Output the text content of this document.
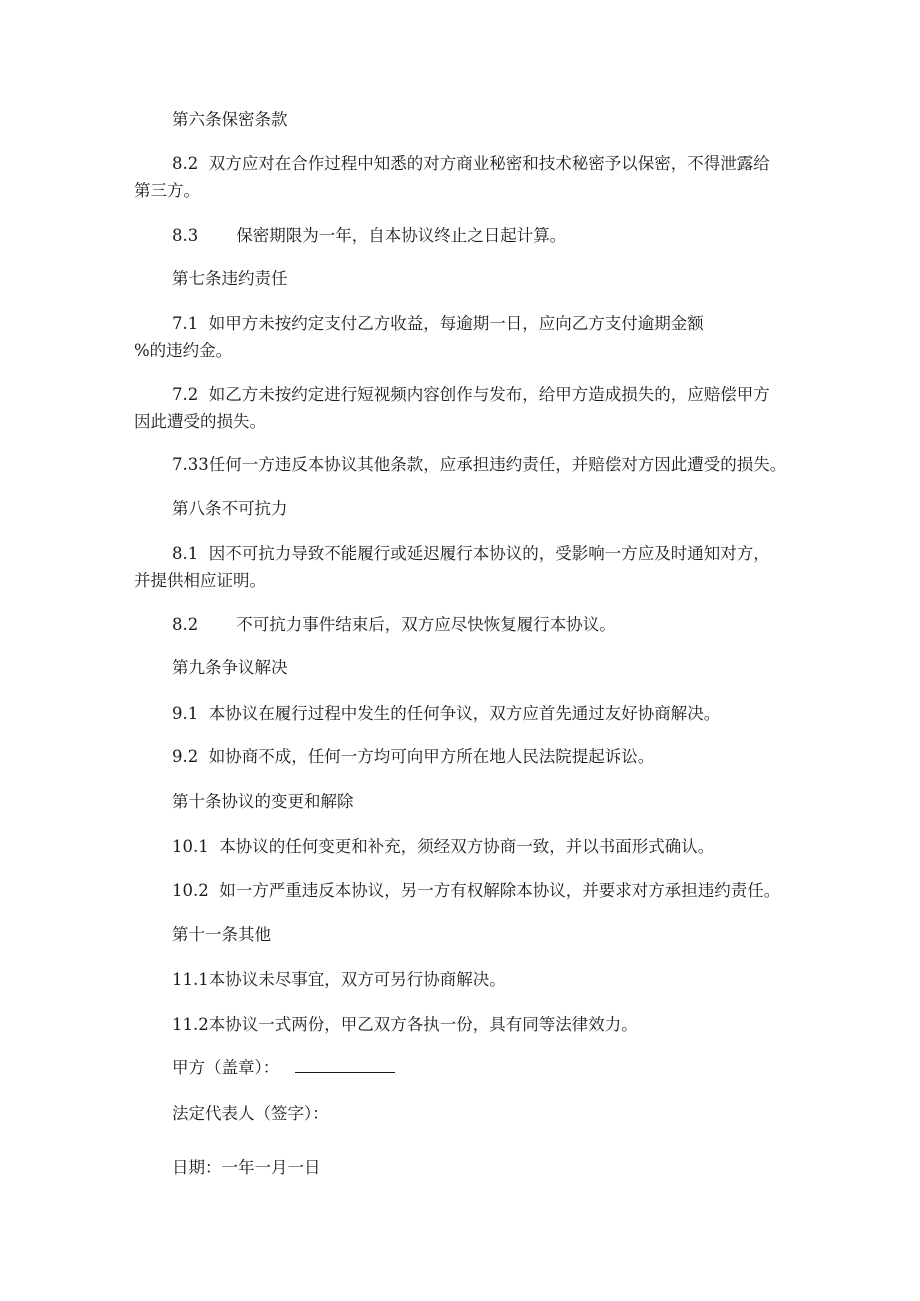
第六条保密条款
8.2 双方应对在合作过程中知悉的对方商业秘密和技术秘密予以保密，不得泄露给
第三方。
8.3 保密期限为一年，自本协议终止之日起计算。
第七条违约责任
7.1 如甲方未按约定支付乙方收益，每逾期一日，应向乙方支付逾期金额
%的违约金。
7.2 如乙方未按约定进行短视频内容创作与发布，给甲方造成损失的，应赔偿甲方
因此遭受的损失。
7.33任何一方违反本协议其他条款，应承担违约责任，并赔偿对方因此遭受的损失。
第八条不可抗力
8.1 因不可抗力导致不能履行或延迟履行本协议的，受影响一方应及时通知对方，
并提供相应证明。
8.2 不可抗力事件结束后，双方应尽快恢复履行本协议。
第九条争议解决
9.1 本协议在履行过程中发生的任何争议，双方应首先通过友好协商解决。
9.2 如协商不成，任何一方均可向甲方所在地人民法院提起诉讼。
第十条协议的变更和解除
10.1 本协议的任何变更和补充，须经双方协商一致，并以书面形式确认。
10.2 如一方严重违反本协议，另一方有权解除本协议，并要求对方承担违约责任。
第十一条其他
11.1本协议未尽事宜，双方可另行协商解决。
11.2本协议一式两份，甲乙双方各执一份，具有同等法律效力。
甲方（盖章）：
法定代表人（签字）：
日期：一年一月一日
